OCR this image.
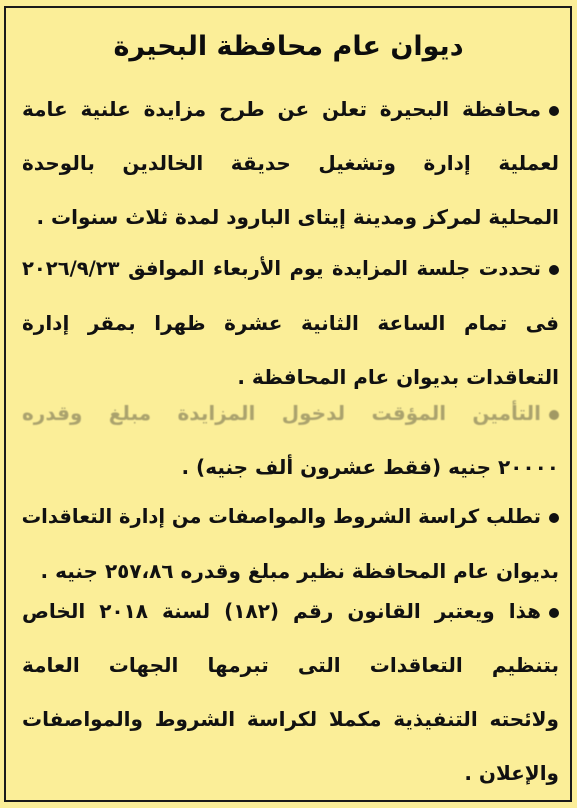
ديوان عام محافظة البحيرة
محافظة البحيرة تعلن عن طرح مزايدة علنية عامة
لعملية إدارة وتشغيل حديقة الخالدين بالوحدة
المحلية لمركز ومدينة إيتاى البارود لمدة ثلاث سنوات .
تحددت جلسة المزايدة يوم الأربعاء الموافق ٢٠٢٦/٩/٢٣
فى تمام الساعة الثانية عشرة ظهرا بمقر إدارة
التعاقدات بديوان عام المحافظة .
التأمين المؤقت لدخول المزايدة مبلغ وقدره
٢٠٠٠٠ جنيه (فقط عشرون ألف جنيه) .
تطلب كراسة الشروط والمواصفات من إدارة التعاقدات
بديوان عام المحافظة نظير مبلغ وقدره ٢٥٧،٨٦ جنيه .
هذا ويعتبر القانون رقم (١٨٢) لسنة ٢٠١٨ الخاص
بتنظيم التعاقدات التى تبرمها الجهات العامة
ولائحته التنفيذية مكملا لكراسة الشروط والمواصفات
والإعلان .
